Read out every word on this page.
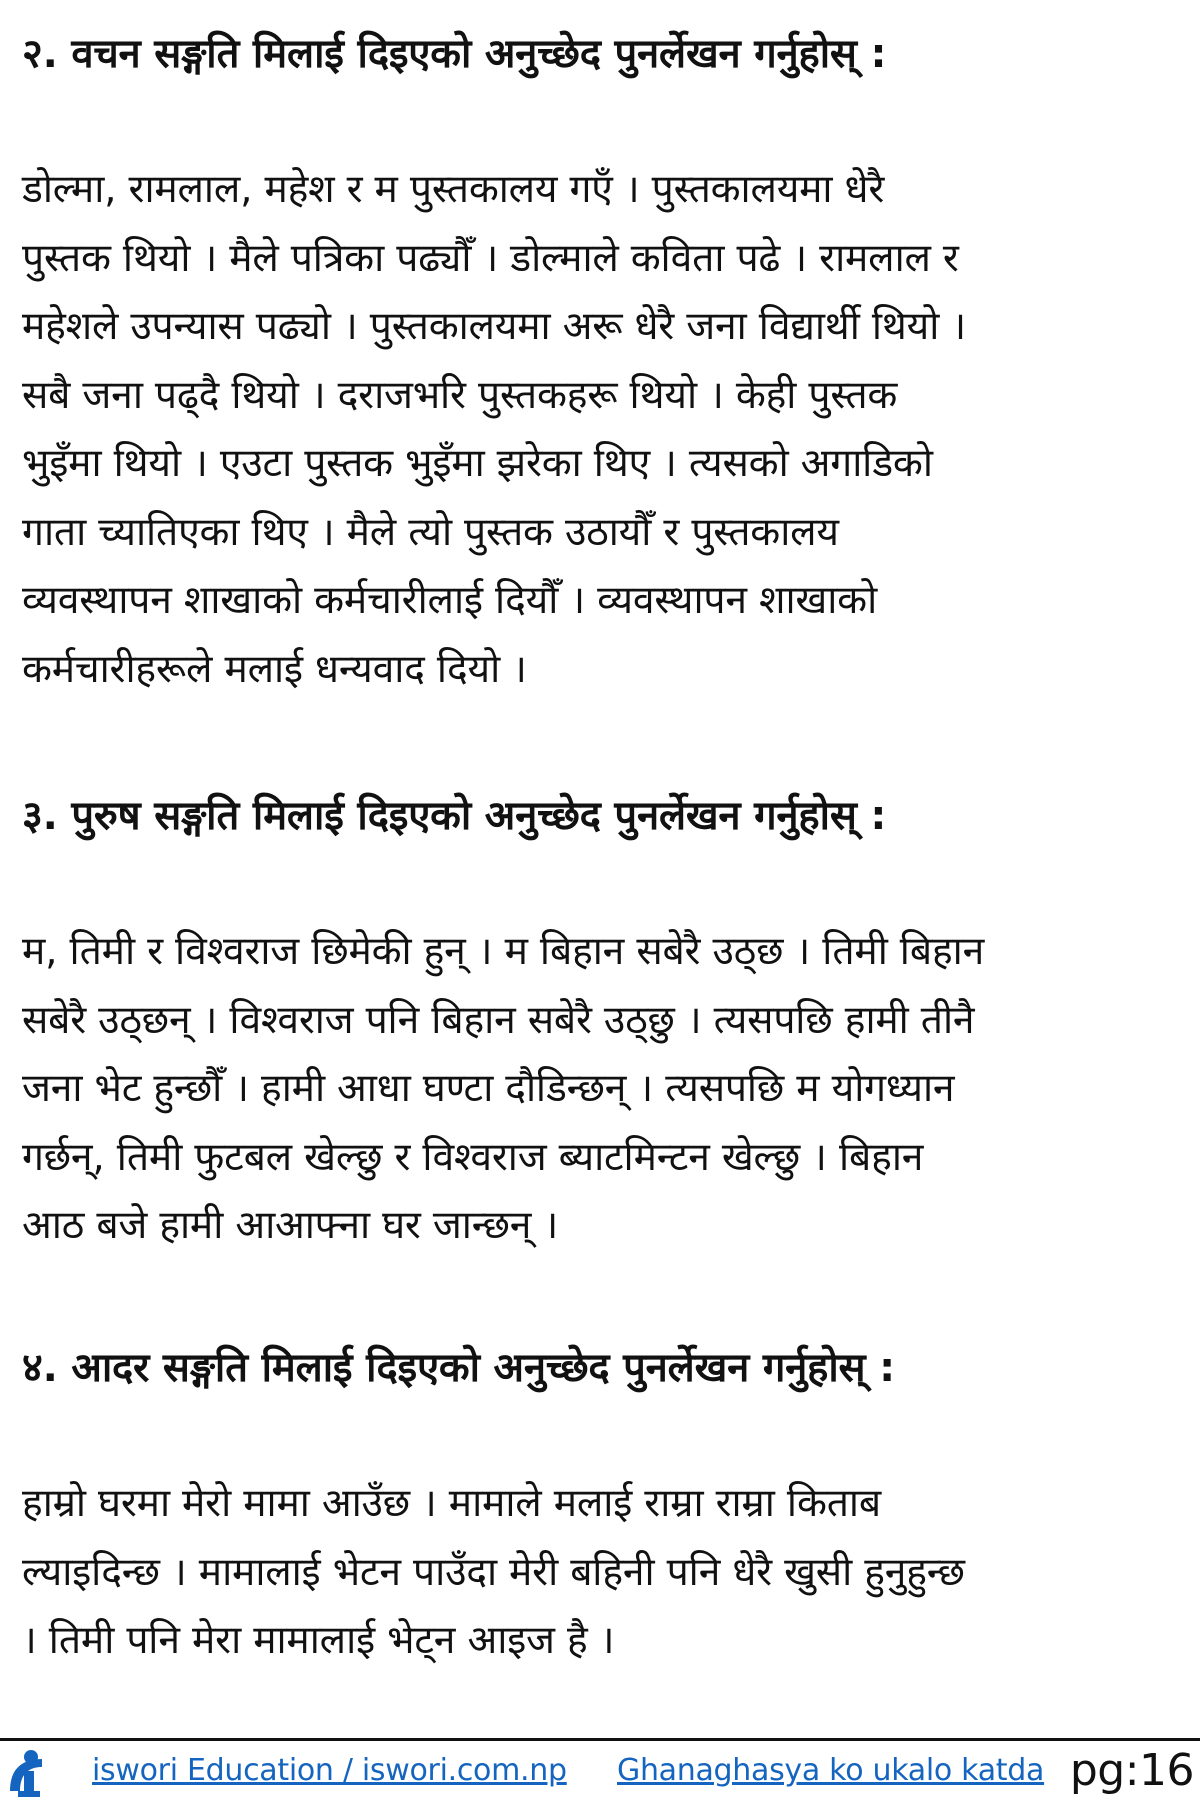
२. वचन सङ्गति मिलाई दिइएको अनुच्छेद पुनर्लेखन गर्नुहोस् :

डोल्मा, रामलाल, महेश र म पुस्तकालय गएँ । पुस्तकालयमा धेरै
पुस्तक थियो । मैले पत्रिका पढ्यौँ । डोल्माले कविता पढे । रामलाल र
महेशले उपन्यास पढ्यो । पुस्तकालयमा अरू धेरै जना विद्यार्थी थियो ।
सबै जना पढ्दै थियो । दराजभरि पुस्तकहरू थियो । केही पुस्तक
भुइँमा थियो । एउटा पुस्तक भुइँमा झरेका थिए । त्यसको अगाडिको
गाता च्यातिएका थिए । मैले त्यो पुस्तक उठायौँ र पुस्तकालय
व्यवस्थापन शाखाको कर्मचारीलाई दियौँ । व्यवस्थापन शाखाको
कर्मचारीहरूले मलाई धन्यवाद दियो ।

३. पुरुष सङ्गति मिलाई दिइएको अनुच्छेद पुनर्लेखन गर्नुहोस् :

म, तिमी र विश्वराज छिमेकी हुन् । म बिहान सबेरै उठ्छ । तिमी बिहान
सबेरै उठ्छन् । विश्वराज पनि बिहान सबेरै उठ्छु । त्यसपछि हामी तीनै
जना भेट हुन्छौँ । हामी आधा घण्टा दौडिन्छन् । त्यसपछि म योगध्यान
गर्छन्, तिमी फुटबल खेल्छु र विश्वराज ब्याटमिन्टन खेल्छु । बिहान
आठ बजे हामी आआफ्ना घर जान्छन् ।

४. आदर सङ्गति मिलाई दिइएको अनुच्छेद पुनर्लेखन गर्नुहोस् :

हाम्रो घरमा मेरो मामा आउँछ । मामाले मलाई राम्रा राम्रा किताब
ल्याइदिन्छ । मामालाई भेटन पाउँदा मेरी बहिनी पनि धेरै खुसी हुनुहुन्छ
। तिमी पनि मेरा मामालाई भेट्न आइज है ।

iswori Education / iswori.com.np Ghanaghasya ko ukalo katda pg:16
